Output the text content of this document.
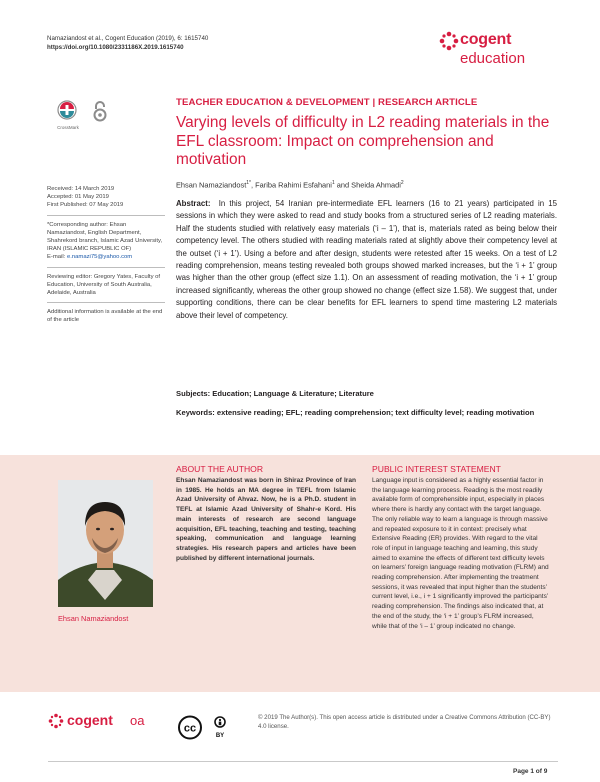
Namaziandost et al., Cogent Education (2019), 6: 1615740
https://doi.org/10.1080/2331186X.2019.1615740	cogent
education
CrossMark

Received: 14 March 2019

Accepted: 01 May 2019

First Published: 07 May 2019

*Corresponding author: Ehsan Namaziandost, English Department, Shahrekord branch, Islamic Azad University, IRAN (ISLAMIC REPUBLIC OF)

E-mail: e.namazi75@yahoo.com

Reviewing editor: Gregory Yates, Faculty of Education, University of South Australia, Adelaide, Australia

Additional information is available at the end of the article

TEACHER EDUCATION & DEVELOPMENT | RESEARCH ARTICLE
Varying levels of difficulty in L2 reading materials in the EFL classroom: Impact on comprehension and motivation
Ehsan Namaziandost$^{1*}$, Fariba Rahimi Esfahani$^1$ and Sheida Ahmadi$^2$
Abstract: In this project, 54 Iranian pre-intermediate EFL learners (16 to 21 years) participated in 15 sessions in which they were asked to read and study books from a structured series of L2 reading materials. Half the students studied with relatively easy materials (‘i – 1’), that is, materials rated as being below their competency level. The others studied with reading materials rated at slightly above their competency level at the outset (‘i + 1’). Using a before and after design, students were retested after 15 weeks. On a test of L2 reading comprehension, means testing revealed both groups showed marked increases, but the ‘i + 1’ group was higher than the other group (effect size 1.1). On an assessment of reading motivation, the ‘i + 1’ group increased significantly, whereas the other group showed no change (effect size 1.58). We suggest that, under supporting conditions, there can be clear benefits for EFL learners to spend time mastering L2 materials above their level of competency.
Subjects: Education; Language & Literature; Literature
Keywords: extensive reading; EFL; reading comprehension; text difficulty level; reading motivation
Ehsan Namaziandost
ABOUT THE AUTHOR
Ehsan Namaziandost was born in Shiraz Province of Iran in 1985. He holds an MA degree in TEFL from Islamic Azad University of Ahvaz. Now, he is a Ph.D. student in TEFL at Islamic Azad University of Shahr-e Kord. His main interests of research are second language acquisition, EFL teaching, teaching and testing, teaching speaking, communication and language learning strategies. His research papers and articles have been published by different international journals.
PUBLIC INTEREST STATEMENT
Language input is considered as a highly essential factor in the language learning process. Reading is the most readily available form of comprehensible input, especially in places where there is hardly any contact with the target language. The only reliable way to learn a language is through massive and repeated exposure to it in context: precisely what Extensive Reading (ER) provides. With regard to the vital role of input in language teaching and learning, this study aimed to examine the effects of different text difficulty levels on learners’ foreign language reading motivation (FLRM) and reading comprehension. After implementing the treatment sessions, it was revealed that input higher than the students’ current level, i.e., i + 1 significantly improved the participants’ reading comprehension. The findings also indicated that, at the end of the study, the ‘i + 1’ group’s FLRM increased, while that of the ‘i – 1’ group indicated no change.
cogent oa
cc
BY
© 2019 The Author(s). This open access article is distributed under a Creative Commons Attribution (CC-BY) 4.0 license.
Page 1 of 9
